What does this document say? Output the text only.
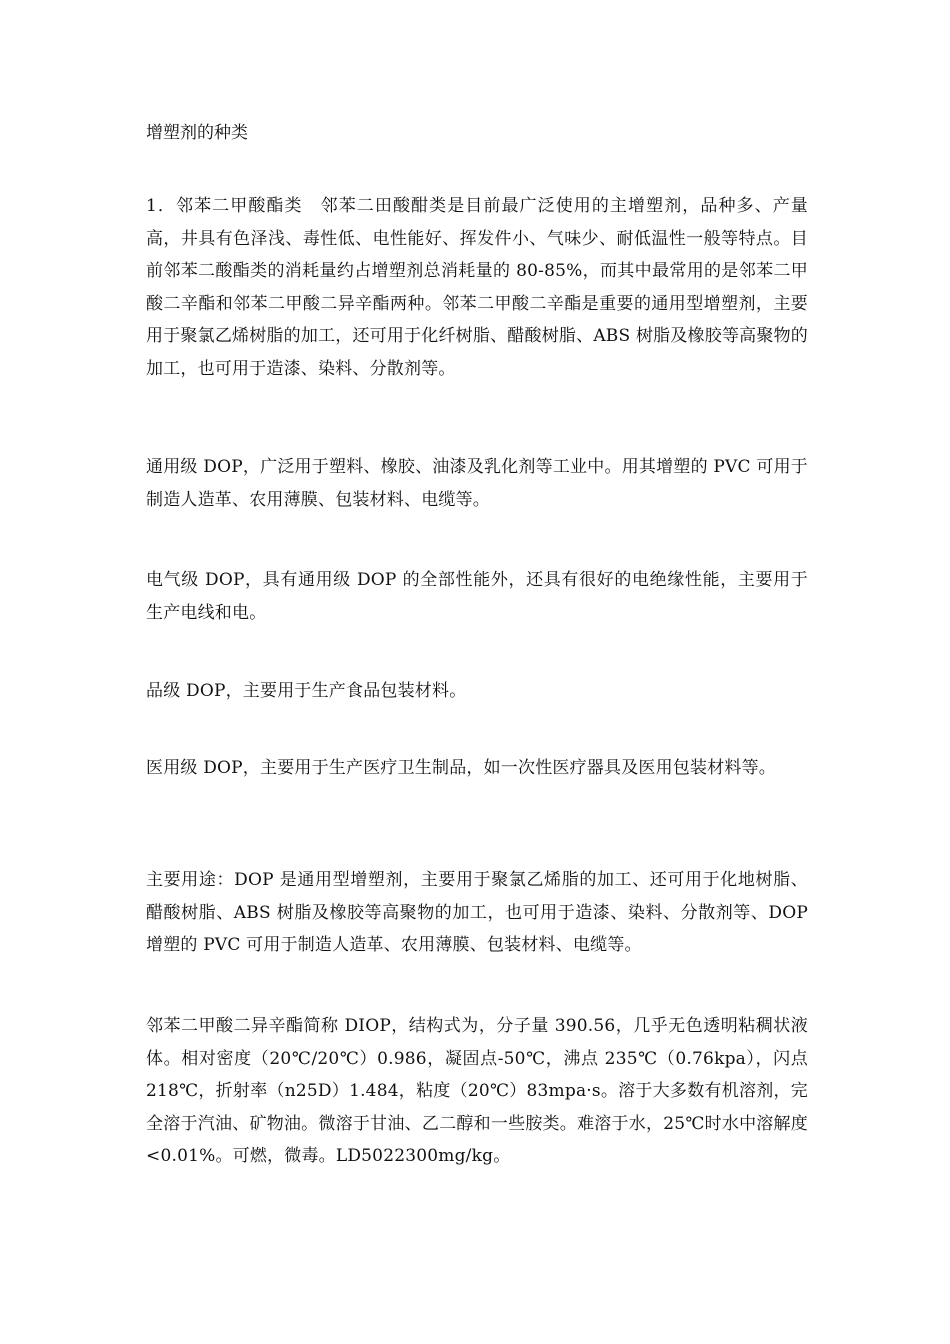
增塑剂的种类

1．邻苯二甲酸酯类　邻苯二田酸酣类是目前最广泛使用的主增塑剂，品种多、产量高，井具有色泽浅、毒性低、电性能好、挥发件小、气味少、耐低温性一般等特点。目前邻苯二酸酯类的消耗量约占增塑剂总消耗量的 80-85%，而其中最常用的是邻苯二甲酸二辛酯和邻苯二甲酸二异辛酯两种。邻苯二甲酸二辛酯是重要的通用型增塑剂，主要用于聚氯乙烯树脂的加工，还可用于化纤树脂、醋酸树脂、ABS 树脂及橡胶等高聚物的加工，也可用于造漆、染料、分散剂等。

通用级 DOP，广泛用于塑料、橡胶、油漆及乳化剂等工业中。用其增塑的 PVC 可用于制造人造革、农用薄膜、包装材料、电缆等。

电气级 DOP，具有通用级 DOP 的全部性能外，还具有很好的电绝缘性能，主要用于生产电线和电。

品级 DOP，主要用于生产食品包装材料。

医用级 DOP，主要用于生产医疗卫生制品，如一次性医疗器具及医用包装材料等。

主要用途：DOP 是通用型增塑剂，主要用于聚氯乙烯脂的加工、还可用于化地树脂、醋酸树脂、ABS 树脂及橡胶等高聚物的加工，也可用于造漆、染料、分散剂等、DOP 增塑的 PVC 可用于制造人造革、农用薄膜、包装材料、电缆等。

邻苯二甲酸二异辛酯简称 DIOP，结构式为，分子量 390.56，几乎无色透明粘稠状液体。相对密度（20℃/20℃）0.986，凝固点-50℃，沸点 235℃（0.76kpa），闪点 218℃，折射率（n25D）1.484，粘度（20℃）83mpa·s。溶于大多数有机溶剂，完全溶于汽油、矿物油。微溶于甘油、乙二醇和一些胺类。难溶于水，25℃时水中溶解度<0.01%。可燃，微毒。LD5022300mg/kg。
